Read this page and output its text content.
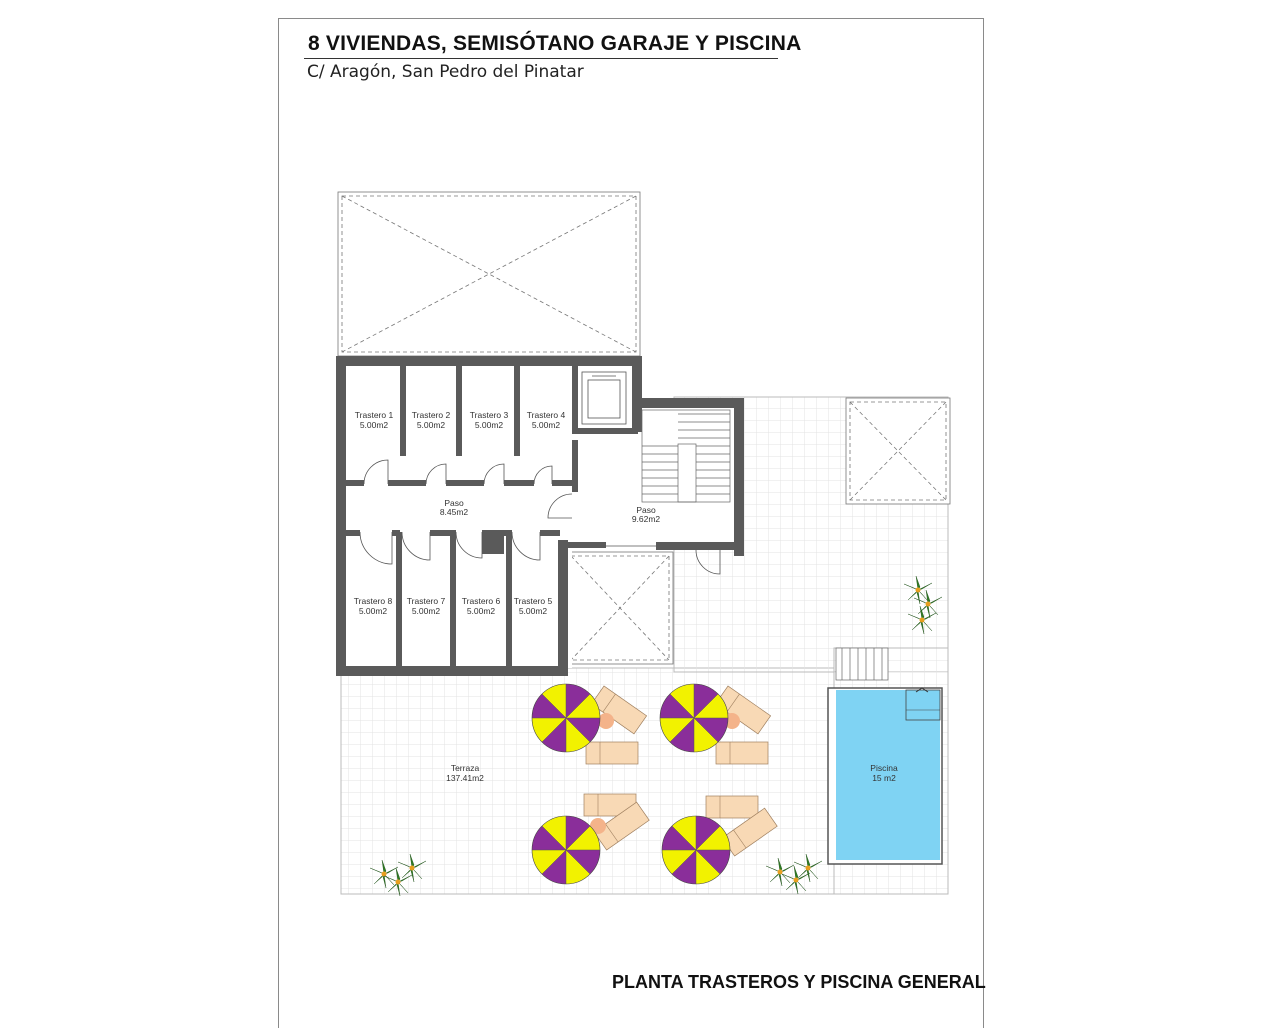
8 VIVIENDAS, SEMISÓTANO GARAJE Y PISCINA
C/ Aragón, San Pedro del Pinatar
Trastero 1
5.00m2
Trastero 2
5.00m2
Trastero 3
5.00m2
Trastero 4
5.00m2
Paso
8.45m2	Paso
9.62m2
Trastero 8
5.00m2
Trastero 7
5.00m2
Trastero 6
5.00m2
Trastero 5
5.00m2
Terraza
137.41m2
Piscina
15 m2
PLANTA TRASTEROS Y PISCINA GENERAL
